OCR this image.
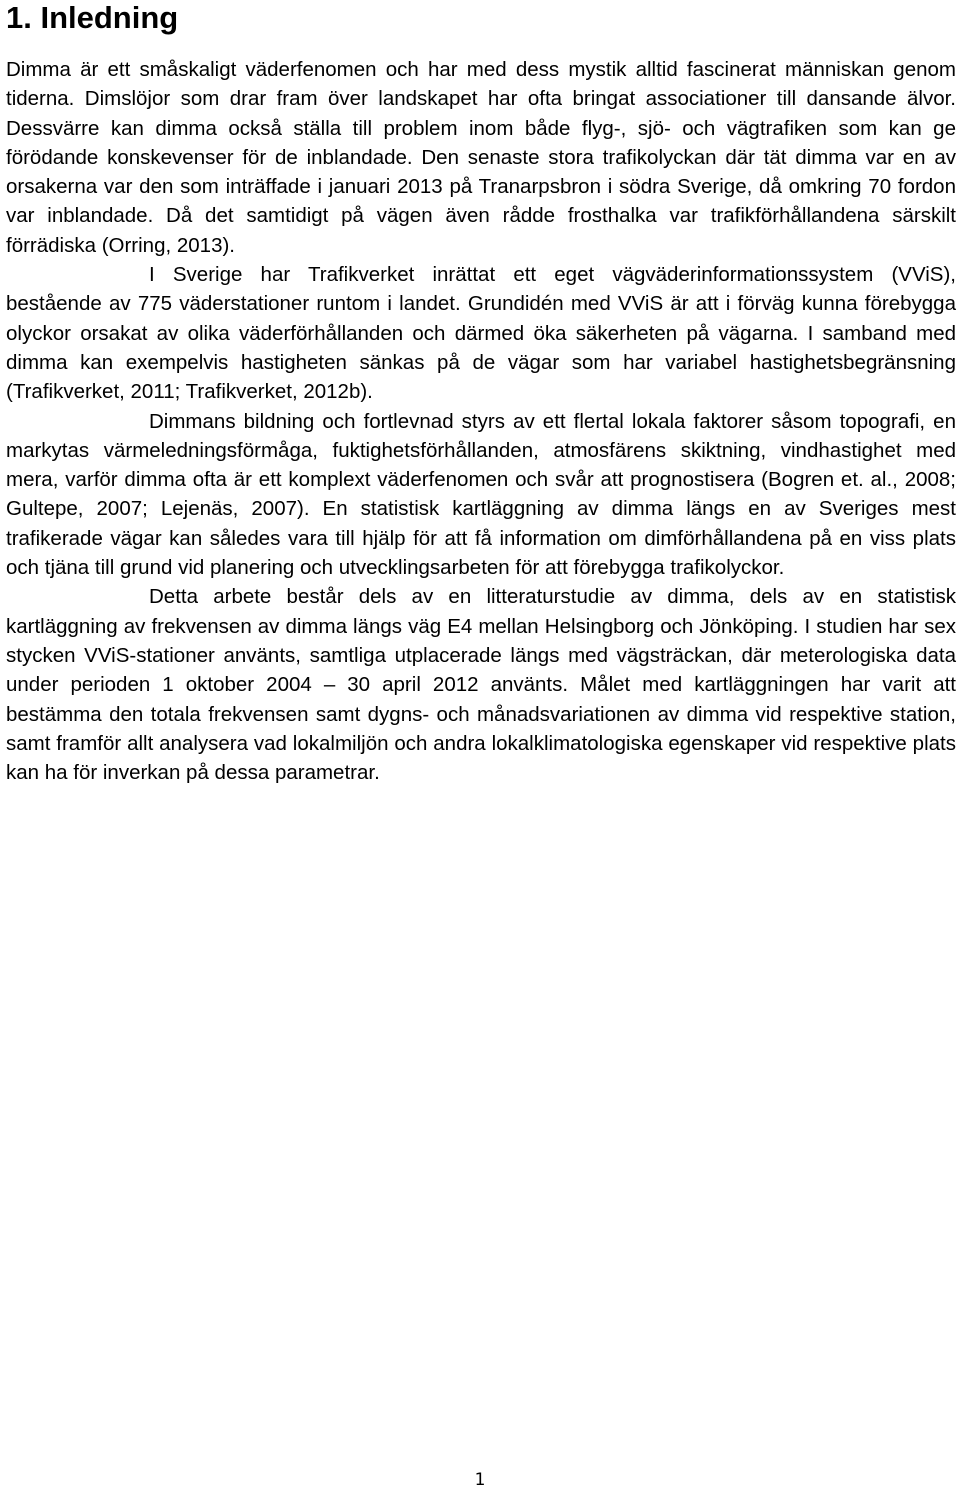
1. Inledning

Dimma är ett småskaligt väderfenomen och har med dess mystik alltid fascinerat människan genom tiderna. Dimslöjor som drar fram över landskapet har ofta bringat associationer till dansande älvor. Dessvärre kan dimma också ställa till problem inom både flyg-, sjö- och vägtrafiken som kan ge förödande konskevenser för de inblandade. Den senaste stora trafikolyckan där tät dimma var en av orsakerna var den som inträffade i januari 2013 på Tranarpsbron i södra Sverige, då omkring 70 fordon var inblandade. Då det samtidigt på vägen även rådde frosthalka var trafikförhållandena särskilt förrädiska (Orring, 2013).

I Sverige har Trafikverket inrättat ett eget vägväderinformationssystem (VViS), bestående av 775 väderstationer runtom i landet. Grundidén med VViS är att i förväg kunna förebygga olyckor orsakat av olika väderförhållanden och därmed öka säkerheten på vägarna. I samband med dimma kan exempelvis hastigheten sänkas på de vägar som har variabel hastighetsbegränsning (Trafikverket, 2011; Trafikverket, 2012b).

Dimmans bildning och fortlevnad styrs av ett flertal lokala faktorer såsom topografi, en markytas värmeledningsförmåga, fuktighetsförhållanden, atmosfärens skiktning, vindhastighet med mera, varför dimma ofta är ett komplext väderfenomen och svår att prognostisera (Bogren et. al., 2008; Gultepe, 2007; Lejenäs, 2007). En statistisk kartläggning av dimma längs en av Sveriges mest trafikerade vägar kan således vara till hjälp för att få information om dimförhållandena på en viss plats och tjäna till grund vid planering och utvecklingsarbeten för att förebygga trafikolyckor.

Detta arbete består dels av en litteraturstudie av dimma, dels av en statistisk kartläggning av frekvensen av dimma längs väg E4 mellan Helsingborg och Jönköping. I studien har sex stycken VViS-stationer använts, samtliga utplacerade längs med vägsträckan, där meterologiska data under perioden 1 oktober 2004 – 30 april 2012 använts. Målet med kartläggningen har varit att bestämma den totala frekvensen samt dygns- och månadsvariationen av dimma vid respektive station, samt framför allt analysera vad lokalmiljön och andra lokalklimatologiska egenskaper vid respektive plats kan ha för inverkan på dessa parametrar.

1
